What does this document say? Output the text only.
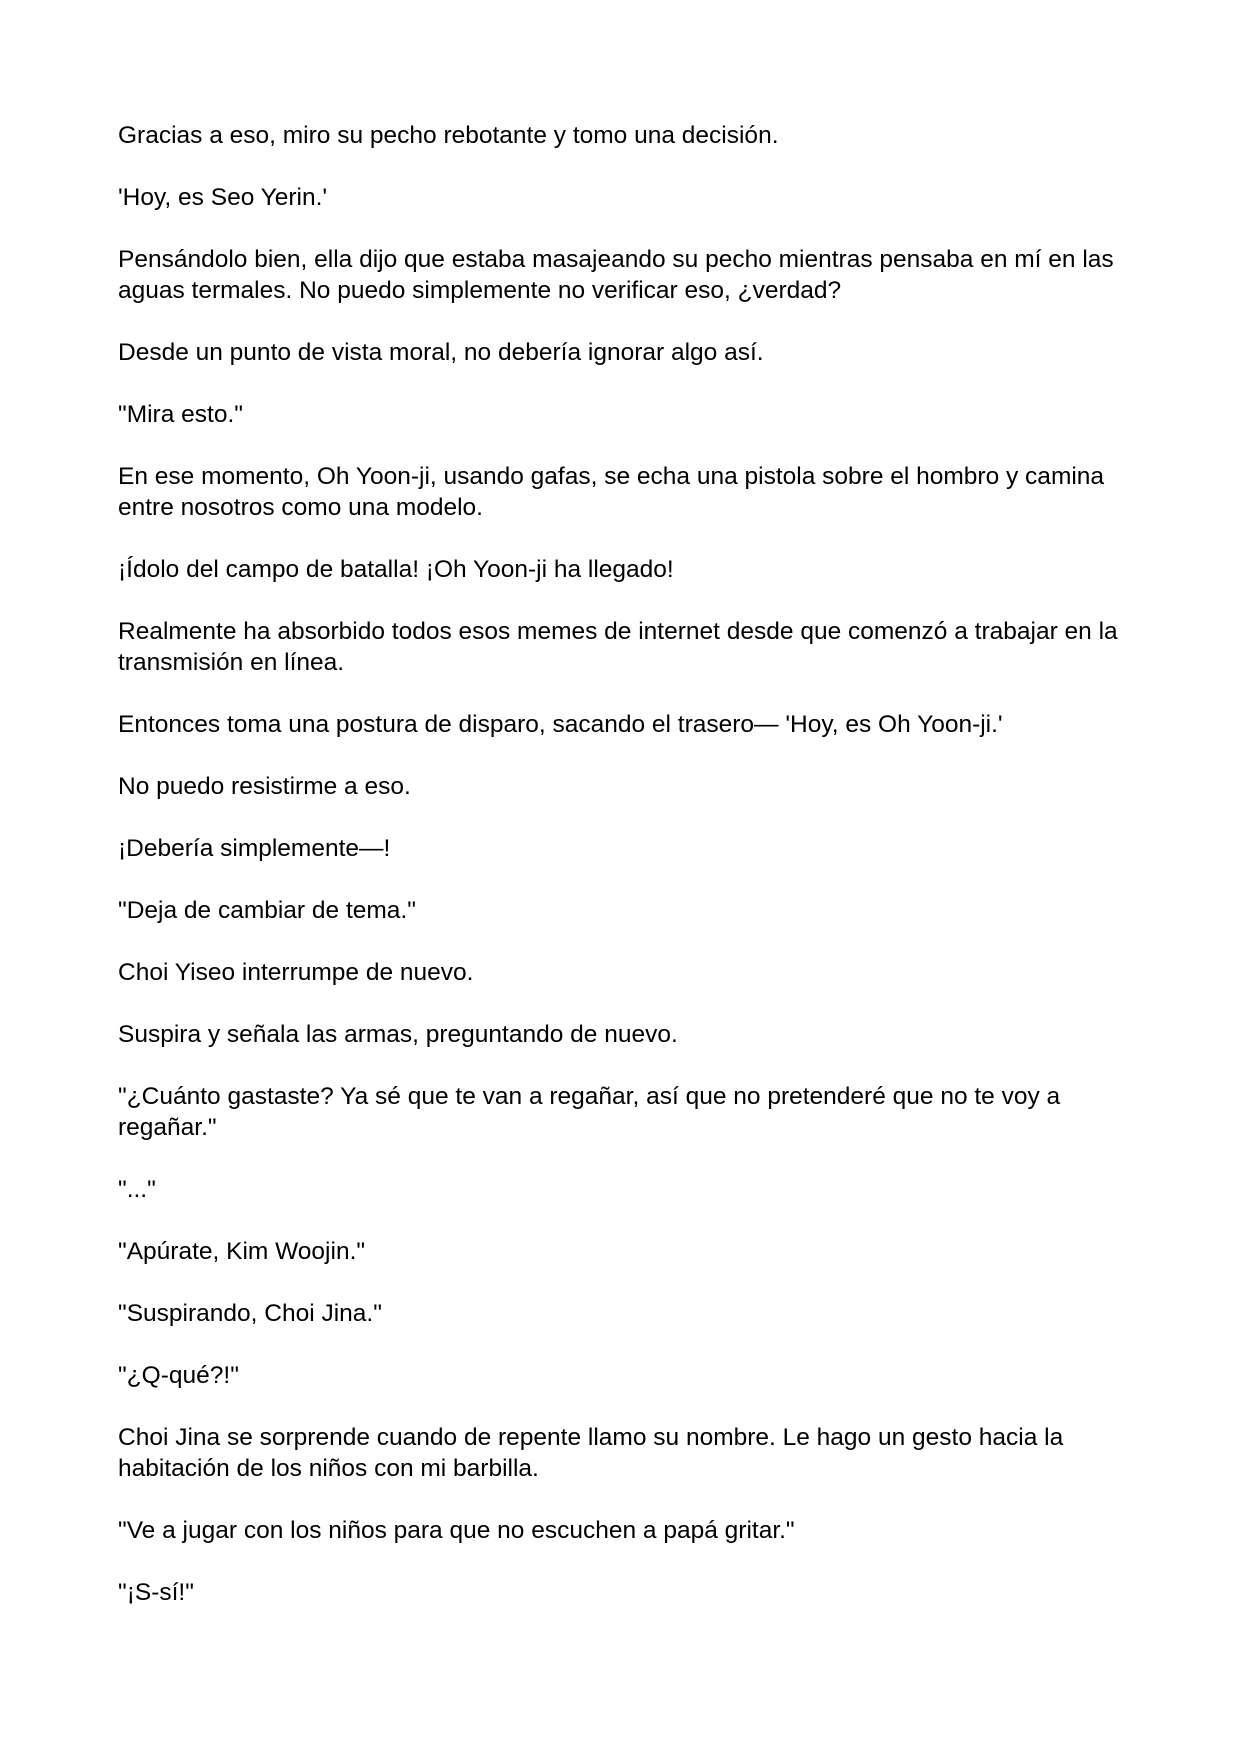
Gracias a eso, miro su pecho rebotante y tomo una decisión.

'Hoy, es Seo Yerin.'

Pensándolo bien, ella dijo que estaba masajeando su pecho mientras pensaba en mí en las aguas termales. No puedo simplemente no verificar eso, ¿verdad?

Desde un punto de vista moral, no debería ignorar algo así.

"Mira esto."

En ese momento, Oh Yoon-ji, usando gafas, se echa una pistola sobre el hombro y camina entre nosotros como una modelo.

¡Ídolo del campo de batalla! ¡Oh Yoon-ji ha llegado!

Realmente ha absorbido todos esos memes de internet desde que comenzó a trabajar en la transmisión en línea.

Entonces toma una postura de disparo, sacando el trasero— 'Hoy, es Oh Yoon-ji.'

No puedo resistirme a eso.

¡Debería simplemente—!

"Deja de cambiar de tema."

Choi Yiseo interrumpe de nuevo.

Suspira y señala las armas, preguntando de nuevo.

"¿Cuánto gastaste? Ya sé que te van a regañar, así que no pretenderé que no te voy a regañar."

"..."

"Apúrate, Kim Woojin."

"Suspirando, Choi Jina."

"¿Q-qué?!"

Choi Jina se sorprende cuando de repente llamo su nombre. Le hago un gesto hacia la habitación de los niños con mi barbilla.

"Ve a jugar con los niños para que no escuchen a papá gritar."

"¡S-sí!"
